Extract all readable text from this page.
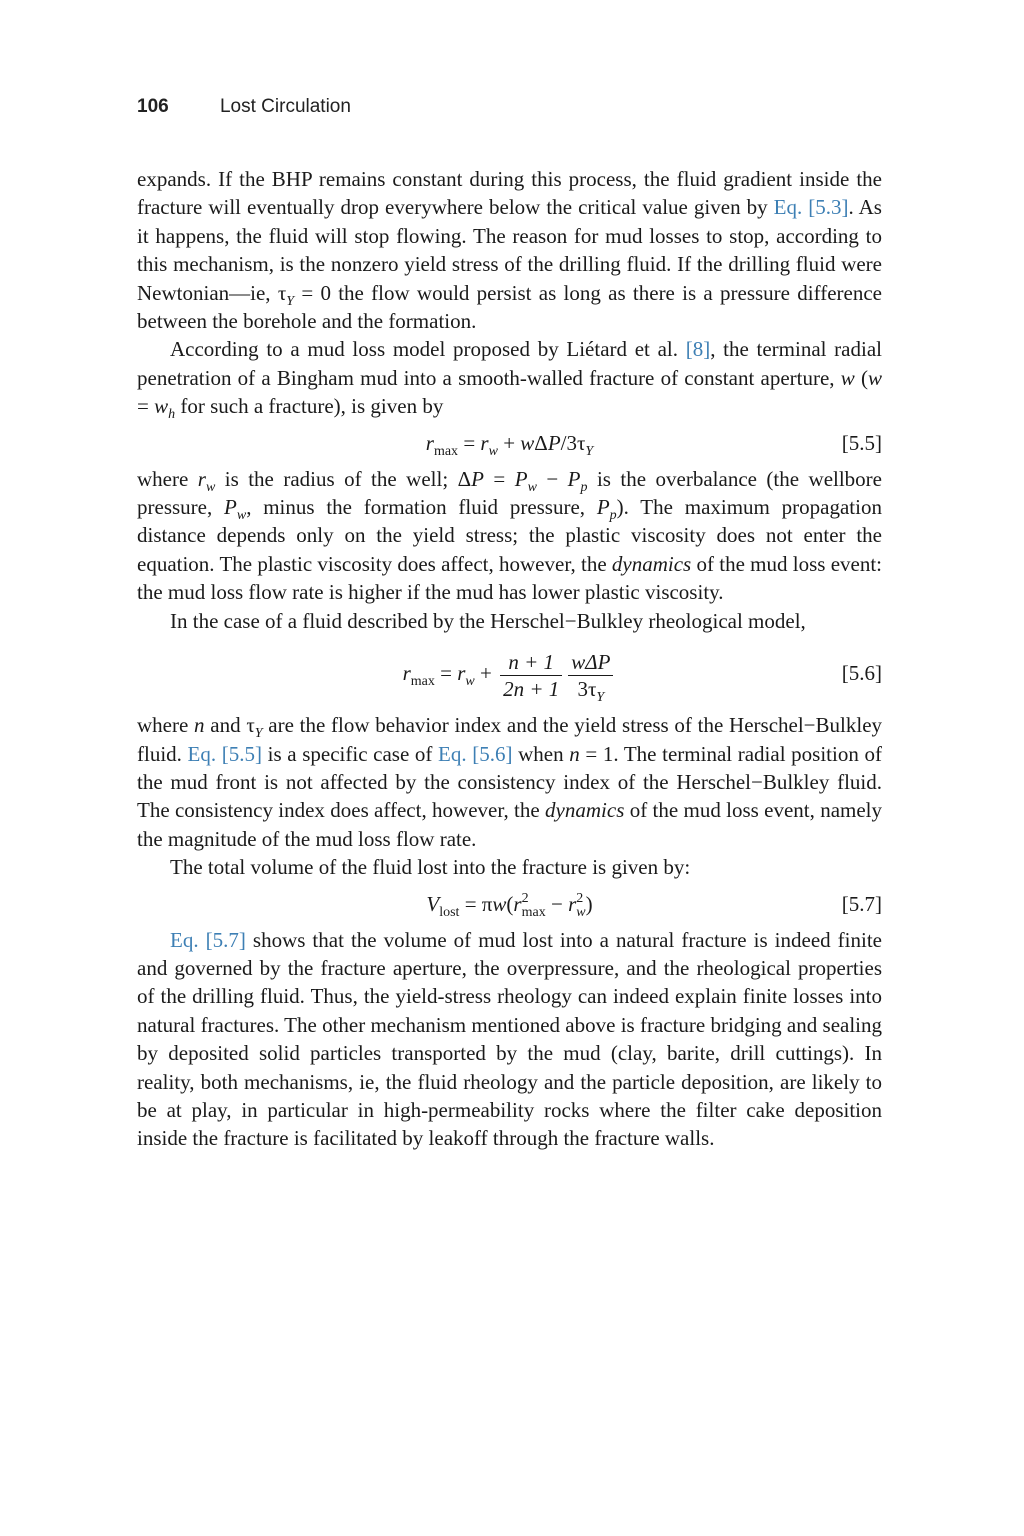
106	Lost Circulation

expands. If the BHP remains constant during this process, the fluid gradient inside the fracture will eventually drop everywhere below the critical value given by Eq. [5.3]. As it happens, the fluid will stop flowing. The reason for mud losses to stop, according to this mechanism, is the nonzero yield stress of the drilling fluid. If the drilling fluid were Newtonian—ie, $\tau_Y = 0$ the flow would persist as long as there is a pressure difference between the borehole and the formation.

According to a mud loss model proposed by Liétard et al. [8], the terminal radial penetration of a Bingham mud into a smooth-walled fracture of constant aperture, w ($w = w_h$ for such a fracture), is given by

$r_{max} = r_w + w\Delta P/3\tau_Y$	[5.5]

where $r_w$ is the radius of the well; $\Delta P = P_w - P_p$ is the overbalance (the wellbore pressure, $P_w$, minus the formation fluid pressure, $P_p$). The maximum propagation distance depends only on the yield stress; the plastic viscosity does not enter the equation. The plastic viscosity does affect, however, the dynamics of the mud loss event: the mud loss flow rate is higher if the mud has lower plastic viscosity.

In the case of a fluid described by the Herschel−Bulkley rheological model,

$r_{max} = r_w + \frac{n + 1}{2n + 1} \frac{\text{wΔP}}{3\tau_Y}$	[5.6]

where n and $\tau_Y$ are the flow behavior index and the yield stress of the Herschel−Bulkley fluid. Eq. [5.5] is a specific case of Eq. [5.6] when n = 1. The terminal radial position of the mud front is not affected by the consistency index of the Herschel−Bulkley fluid. The consistency index does affect, however, the dynamics of the mud loss event, namely the magnitude of the mud loss flow rate.

The total volume of the fluid lost into the fracture is given by:

$V_{lost} = \pi w(r$ 2
max − r 2
w )	[5.7]

Eq. [5.7] shows that the volume of mud lost into a natural fracture is indeed finite and governed by the fracture aperture, the overpressure, and the rheological properties of the drilling fluid. Thus, the yield-stress rheology can indeed explain finite losses into natural fractures. The other mechanism mentioned above is fracture bridging and sealing by deposited solid particles transported by the mud (clay, barite, drill cuttings). In reality, both mechanisms, ie, the fluid rheology and the particle deposition, are likely to be at play, in particular in high-permeability rocks where the filter cake deposition inside the fracture is facilitated by leakoff through the fracture walls.
